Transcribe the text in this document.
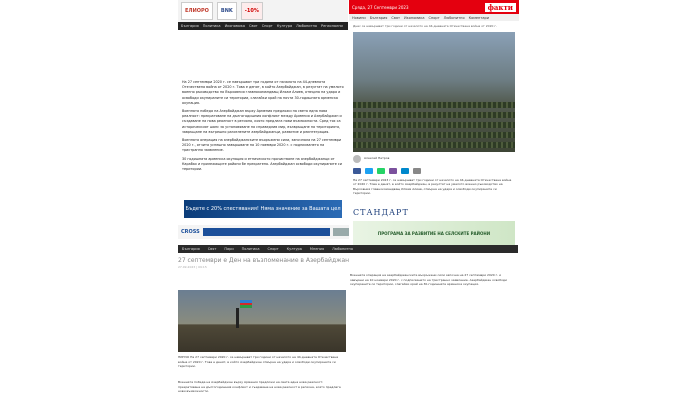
ЕЛИОРО	BNK	-10%
България Политика Икономика Свят Спорт Култура Любопитно Регионални

На 27 септември 2020 г. се навършват три години от началото на 44-дневната Отечествена война от 2020 г. Това е денят, в който Азербайджан, в резултат на умелото военно ръководство на Върховния главнокомандващ Илхам Алиев, отвърна на удара и освободи окупираните си територии, слагайки край на почти 30-годишната арменска окупация.

Военната победа на Азербайджан върху Армения предложи на света една нова реалност: прекратяване на дългогодишния конфликт между Армения и Азербайджан и създаване на нова реалност в региона, която предлага нови възможности. Сред тях са историческият шанс за установяване на справедлив мир, възвръщане на територията, завръщане на вътрешно разселените азербайджанци, развитие и реинтеграция.

Военната операция на азербайджанските въоръжени сили, започнала на 27 септември 2020 г., отчита успешно завършване на 10 ноември 2020 г. с подписването на тристранно заявление.

30 годишната арменска окупация и етническото прочистване на азербайджанци от Карабах и прилежащите райони бе прекратено. Азербайджан освободи окупираните си територии.

Бъдете с 20% спестявания! Няма значение за Вашата цел
CROSS
Сряда, 27 Септември 2023	факти
Новини България Свят Икономика Спорт Любопитно Коментари
Днес се навършват три години от началото на 44-дневната Отечествена война от 2020 г.
Алексей Петров
На 27 септември 2023 г. се навършват три години от началото на 44-дневната Отечествена война от 2020 г. Това е денят, в който Азербайджан, в резултат на умелото военно ръководство на Върховния главнокомандващ Илхам Алиев, отвърна на удара и освободи окупираните си територии.
СТАНДАРТ
ПРОГРАМА ЗА РАЗВИТИЕ НА СЕЛСКИТЕ РАЙОНИ
България Свят Пари Политика Спорт Култура Мнения Любопитно
27 септември е Ден на възпоменание в Азербайджан
27.09.2023 | 09:15
НИНЧО На 27 септември 2020 г. се навършват три години от началото на 44-дневната Отечествена война от 2020 г. Това е денят, в който Азербайджан отвърна на удара и освободи окупираните си територии.
Военната победа на Азербайджан върху Армения предложи на света една нова реалност: прекратяване на дългогодишния конфликт и създаване на нова реалност в региона, която предлага нови възможности.
Военната операция на азербайджанските въоръжени сили започна на 27 септември 2020 г. и завърши на 10 ноември 2020 г. с подписването на тристранно заявление. Азербайджан освободи окупираните си територии, слагайки край на 30-годишната арменска окупация.
